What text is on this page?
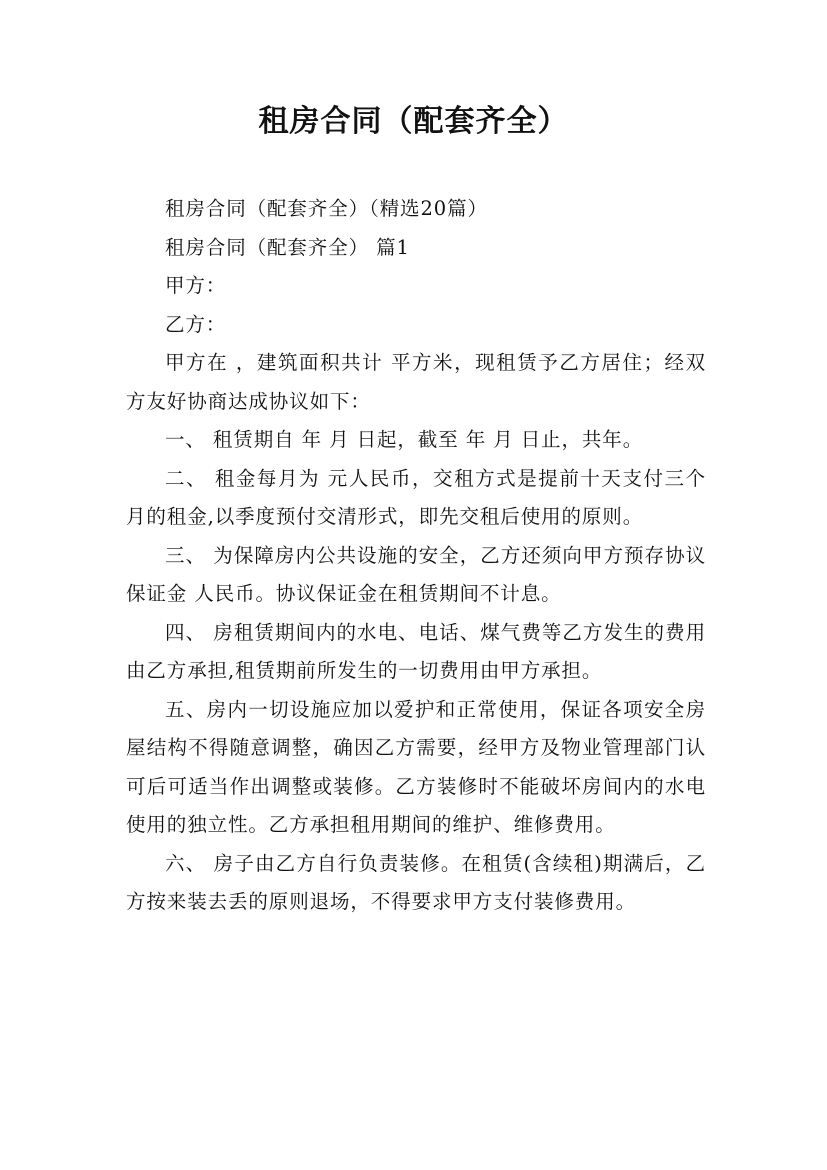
租房合同（配套齐全）

租房合同（配套齐全）（精选20篇）

租房合同（配套齐全） 篇1

甲方：

乙方：

甲方在 ，建筑面积共计 平方米，现租赁予乙方居住；经双方友好协商达成协议如下：

一、 租赁期自 年 月 日起，截至 年 月 日止，共年。

二、 租金每月为 元人民币，交租方式是提前十天支付三个月的租金,以季度预付交清形式，即先交租后使用的原则。

三、 为保障房内公共设施的安全，乙方还须向甲方预存协议保证金 人民币。协议保证金在租赁期间不计息。

四、 房租赁期间内的水电、电话、煤气费等乙方发生的费用由乙方承担,租赁期前所发生的一切费用由甲方承担。

五、房内一切设施应加以爱护和正常使用，保证各项安全房屋结构不得随意调整，确因乙方需要，经甲方及物业管理部门认可后可适当作出调整或装修。乙方装修时不能破坏房间内的水电使用的独立性。乙方承担租用期间的维护、维修费用。

六、 房子由乙方自行负责装修。在租赁(含续租)期满后，乙方按来装去丢的原则退场，不得要求甲方支付装修费用。
